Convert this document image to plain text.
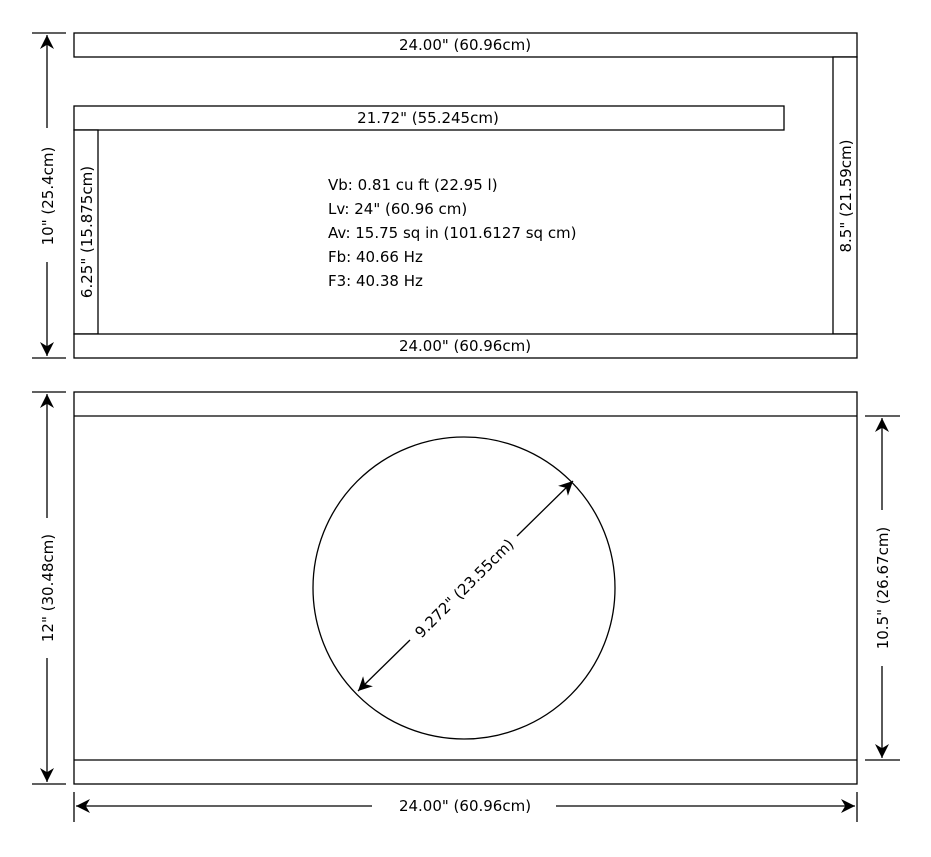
24.00" (60.96cm)
8.5" (21.59cm)
21.72" (55.245cm)
6.25" (15.875cm)
24.00" (60.96cm)
10" (25.4cm)	Vb: 0.81 cu ft (22.95 l)
Lv: 24" (60.96 cm)
Av: 15.75 sq in (101.6127 sq cm)
Fb: 40.66 Hz
F3: 40.38 Hz
9.272" (23.55cm)
12" (30.48cm)	10.5" (26.67cm)
24.00" (60.96cm)
